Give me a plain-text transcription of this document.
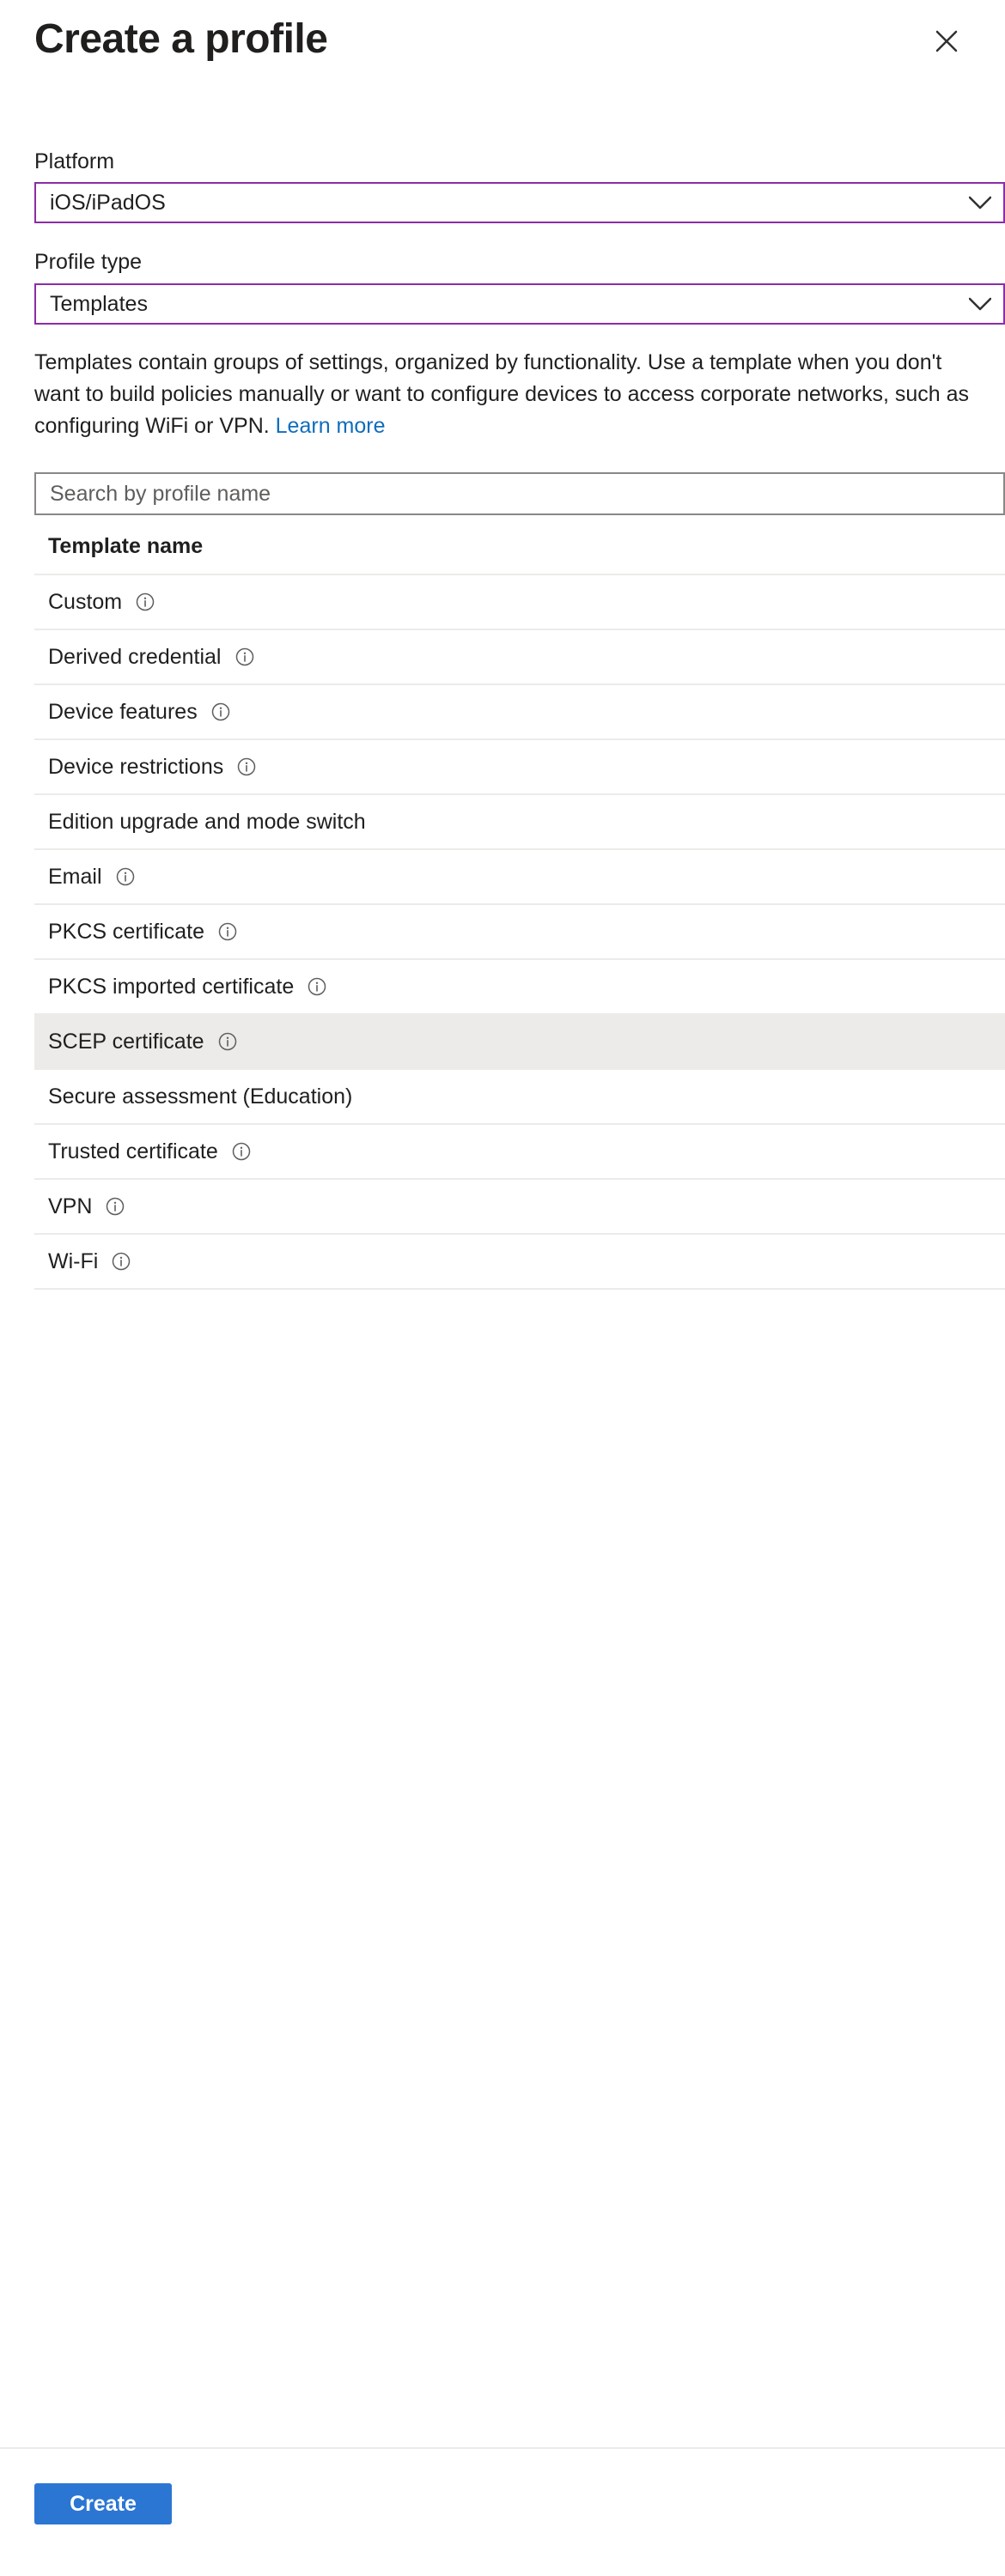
Create a profile
Platform
iOS/iPadOS
Profile type
Templates

Templates contain groups of settings, organized by functionality. Use a template when you don't want to build policies manually or want to configure devices to access corporate networks, such as configuring WiFi or VPN. Learn more

Search by profile name
Template name
Custom
Derived credential
Device features
Device restrictions
Edition upgrade and mode switch
Email
PKCS certificate
PKCS imported certificate
SCEP certificate
Secure assessment (Education)
Trusted certificate
VPN
Wi-Fi
Create
